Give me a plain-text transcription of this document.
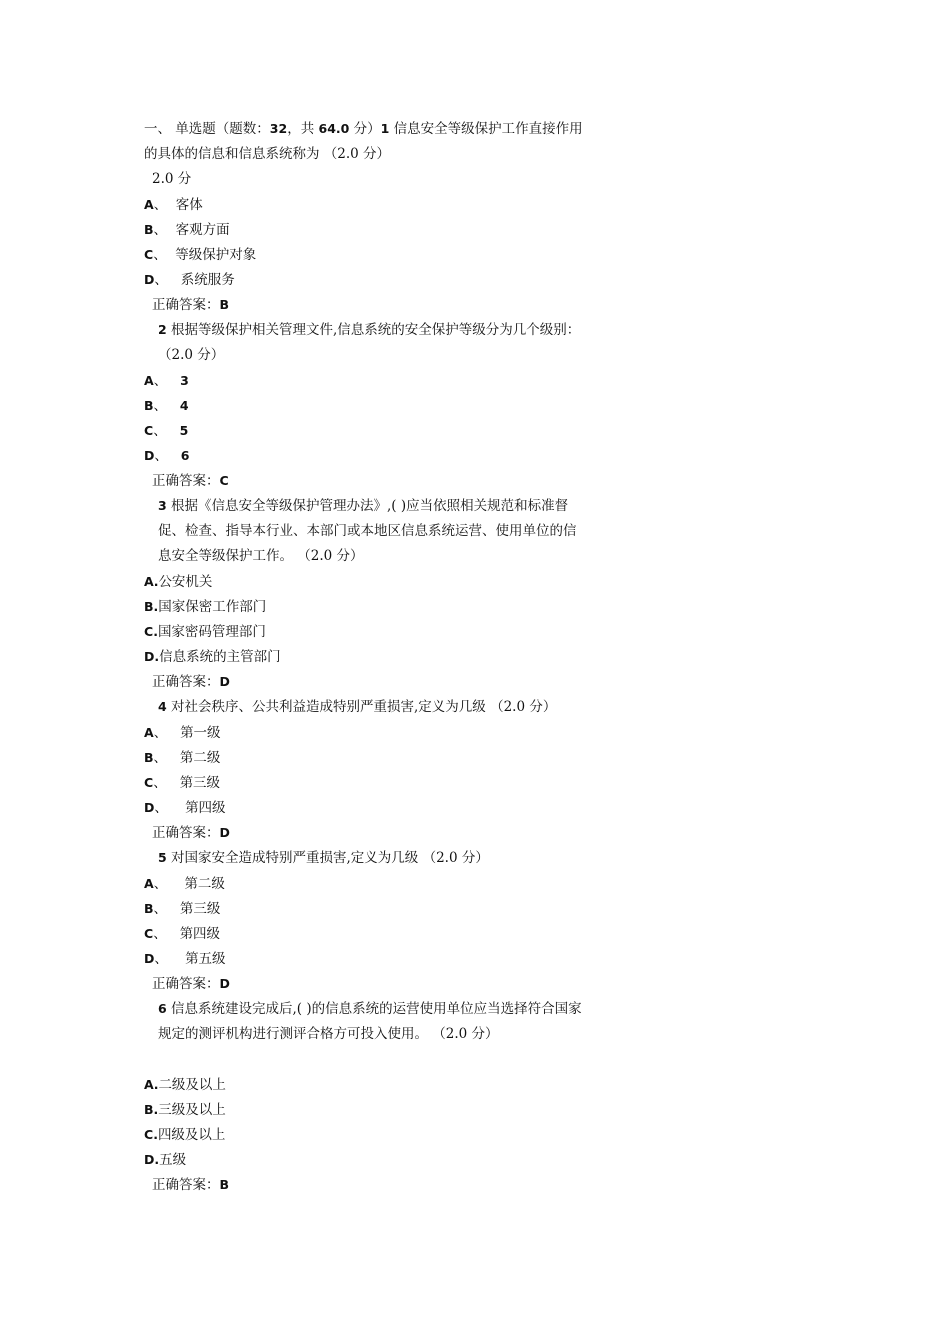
一、 单选题（题数：32，共 64.0 分）1 信息安全等级保护工作直接作用的具体的信息和信息系统称为 （2.0 分）
2.0 分
A、 客体
B、 客观方面
C、 等级保护对象
D、 系统服务
正确答案：B
2 根据等级保护相关管理文件,信息系统的安全保护等级分为几个级别： （2.0 分）
A、 3
B、 4
C、 5
D、 6
正确答案：C
3 根据《信息安全等级保护管理办法》,( )应当依照相关规范和标准督促、检查、指导本行业、本部门或本地区信息系统运营、使用单位的信息安全等级保护工作。 （2.0 分）
A.公安机关
B.国家保密工作部门
C.国家密码管理部门
D.信息系统的主管部门
正确答案：D
4 对社会秩序、公共利益造成特别严重损害,定义为几级 （2.0 分）
A、 第一级
B、 第二级
C、 第三级
D、 第四级
正确答案：D
5 对国家安全造成特别严重损害,定义为几级 （2.0 分）
A、 第二级
B、 第三级
C、 第四级
D、 第五级
正确答案：D
6 信息系统建设完成后,( )的信息系统的运营使用单位应当选择符合国家规定的测评机构进行测评合格方可投入使用。 （2.0 分）
A.二级及以上
B.三级及以上
C.四级及以上
D.五级
正确答案：B
